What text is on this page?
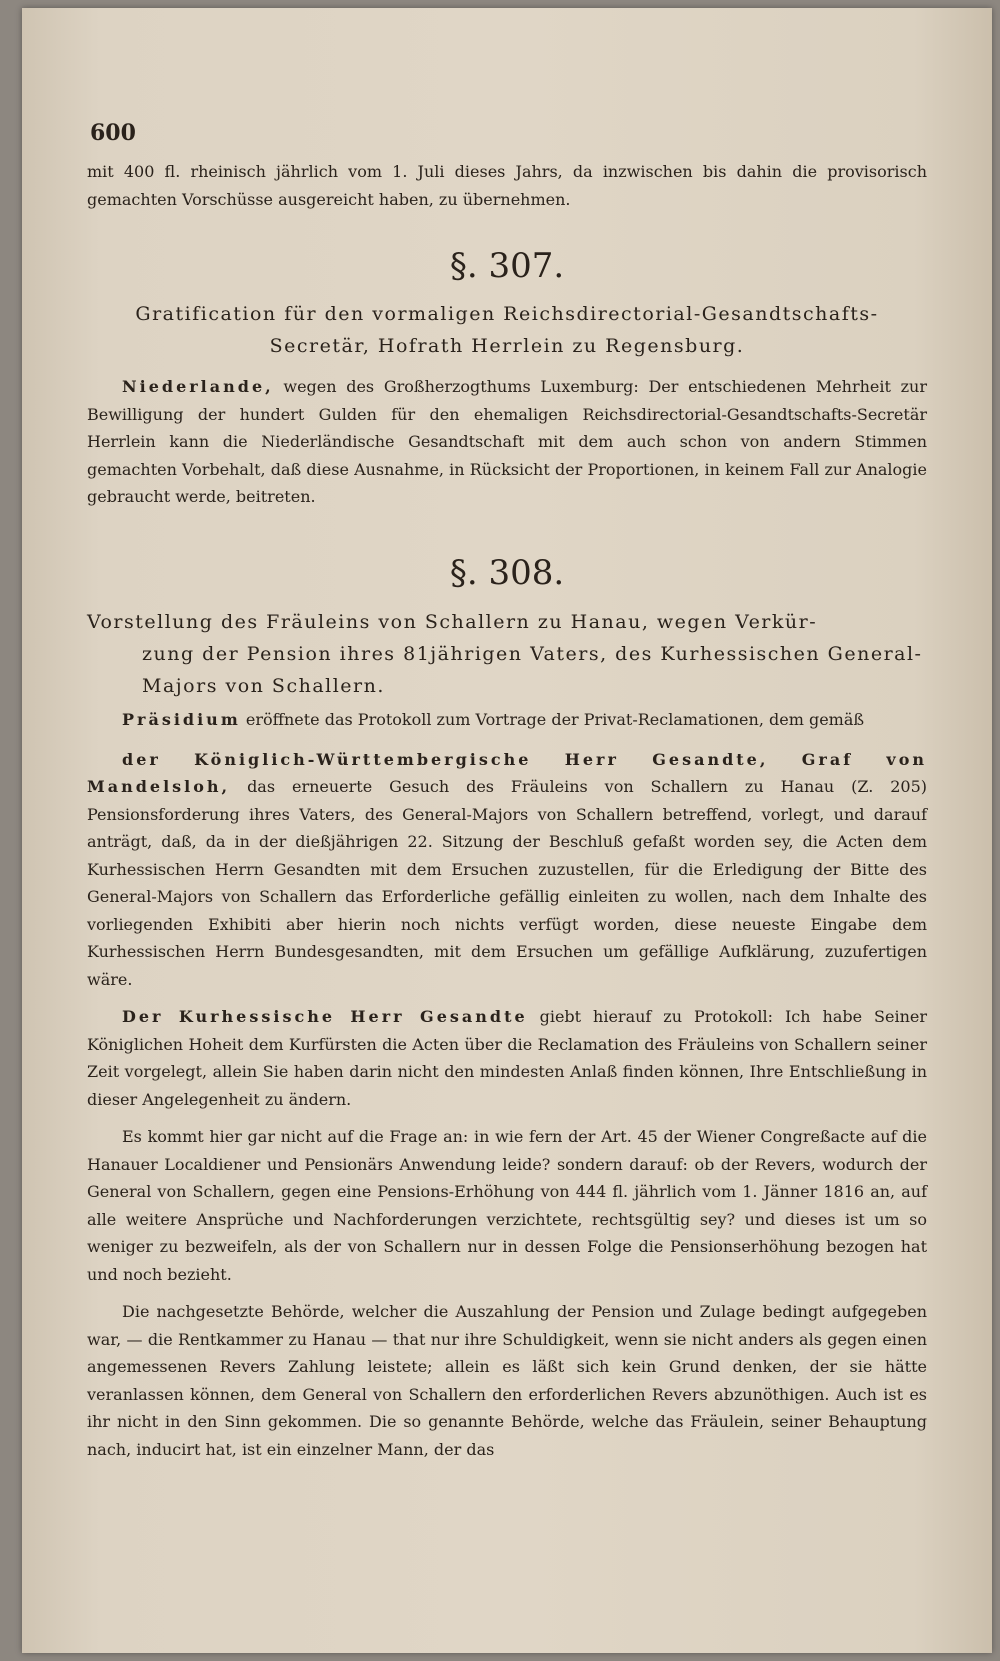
600

mit 400 fl. rheinisch jährlich vom 1. Juli dieses Jahrs, da inzwischen bis dahin die provisorisch gemachten Vorschüsse ausgereicht haben, zu übernehmen.

§. 307.

Gratification für den vormaligen Reichsdirectorial-Gesandtschafts-Secretär, Hofrath Herrlein zu Regensburg.

Niederlande, wegen des Großherzogthums Luxemburg: Der entschiedenen Mehrheit zur Bewilligung der hundert Gulden für den ehemaligen Reichsdirectorial-Gesandtschafts-Secretär Herrlein kann die Niederländische Gesandtschaft mit dem auch schon von andern Stimmen gemachten Vorbehalt, daß diese Ausnahme, in Rücksicht der Proportionen, in keinem Fall zur Analogie gebraucht werde, beitreten.

§. 308.

Vorstellung des Fräuleins von Schallern zu Hanau, wegen Verkür-
zung der Pension ihres 81jährigen Vaters, des Kurhessischen General-Majors von Schallern.

Präsidium eröffnete das Protokoll zum Vortrage der Privat-Reclamationen, dem gemäß

der Königlich-Württembergische Herr Gesandte, Graf von Mandelsloh, das erneuerte Gesuch des Fräuleins von Schallern zu Hanau (Z. 205) Pensionsforderung ihres Vaters, des General-Majors von Schallern betreffend, vorlegt, und darauf anträgt, daß, da in der dießjährigen 22. Sitzung der Beschluß gefaßt worden sey, die Acten dem Kurhessischen Herrn Gesandten mit dem Ersuchen zuzustellen, für die Erledigung der Bitte des General-Majors von Schallern das Erforderliche gefällig einleiten zu wollen, nach dem Inhalte des vorliegenden Exhibiti aber hierin noch nichts verfügt worden, diese neueste Eingabe dem Kurhessischen Herrn Bundesgesandten, mit dem Ersuchen um gefällige Aufklärung, zuzufertigen wäre.

Der Kurhessische Herr Gesandte giebt hierauf zu Protokoll: Ich habe Seiner Königlichen Hoheit dem Kurfürsten die Acten über die Reclamation des Fräuleins von Schallern seiner Zeit vorgelegt, allein Sie haben darin nicht den mindesten Anlaß finden können, Ihre Entschließung in dieser Angelegenheit zu ändern.

Es kommt hier gar nicht auf die Frage an: in wie fern der Art. 45 der Wiener Congreßacte auf die Hanauer Localdiener und Pensionärs Anwendung leide? sondern darauf: ob der Revers, wodurch der General von Schallern, gegen eine Pensions-Erhöhung von 444 fl. jährlich vom 1. Jänner 1816 an, auf alle weitere Ansprüche und Nachforderungen verzichtete, rechtsgültig sey? und dieses ist um so weniger zu bezweifeln, als der von Schallern nur in dessen Folge die Pensionserhöhung bezogen hat und noch bezieht.

Die nachgesetzte Behörde, welcher die Auszahlung der Pension und Zulage bedingt aufgegeben war, — die Rentkammer zu Hanau — that nur ihre Schuldigkeit, wenn sie nicht anders als gegen einen angemessenen Revers Zahlung leistete; allein es läßt sich kein Grund denken, der sie hätte veranlassen können, dem General von Schallern den erforderlichen Revers abzunöthigen. Auch ist es ihr nicht in den Sinn gekommen. Die so genannte Behörde, welche das Fräulein, seiner Behauptung nach, inducirt hat, ist ein einzelner Mann, der das
